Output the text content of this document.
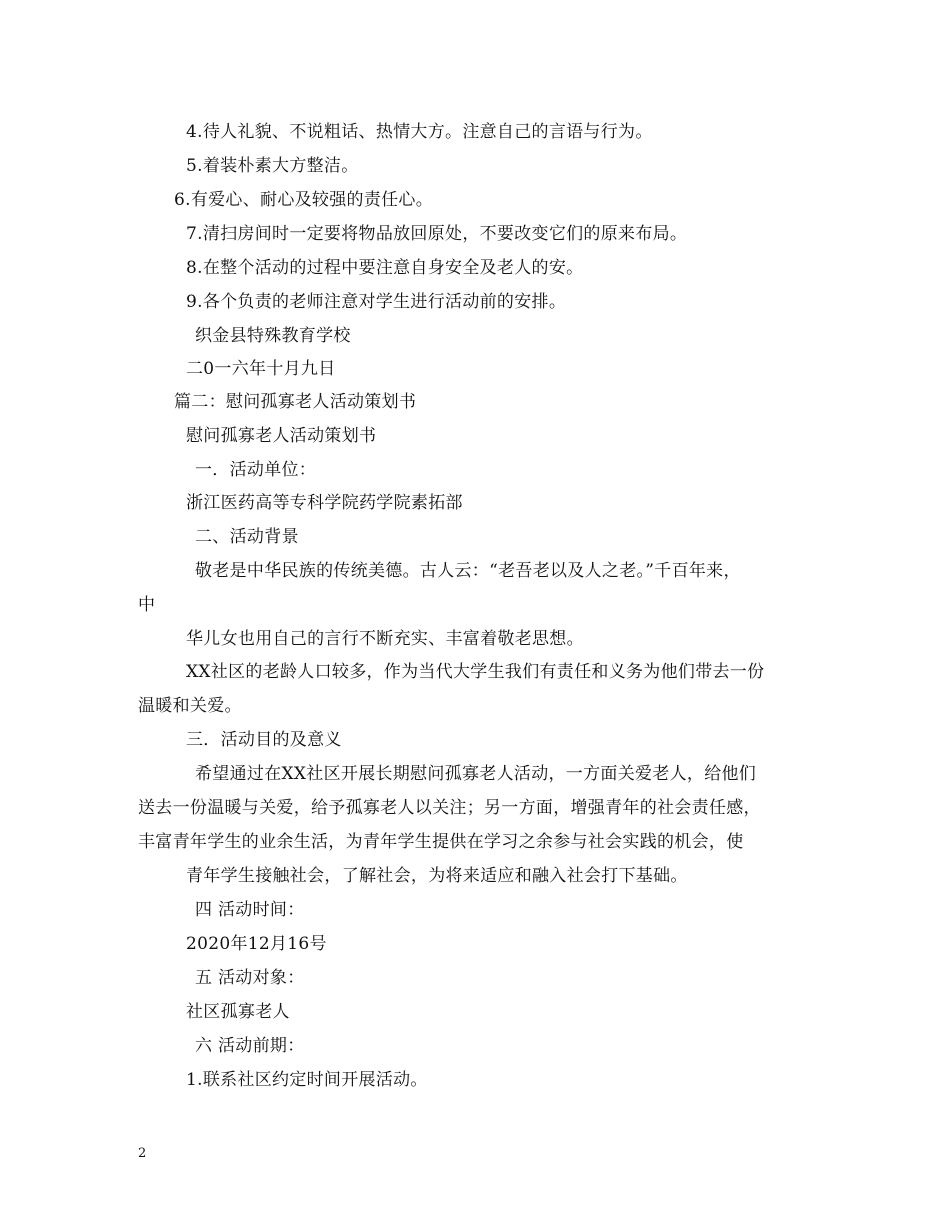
4.待人礼貌、不说粗话、热情大方。注意自己的言语与行为。
5.着装朴素大方整洁。
6.有爱心、耐心及较强的责任心。
7.清扫房间时一定要将物品放回原处，不要改变它们的原来布局。
8.在整个活动的过程中要注意自身安全及老人的安。
9.各个负责的老师注意对学生进行活动前的安排。
织金县特殊教育学校
二0一六年十月九日
篇二：慰问孤寡老人活动策划书
慰问孤寡老人活动策划书
一．活动单位：
浙江医药高等专科学院药学院素拓部
二、活动背景
敬老是中华民族的传统美德。古人云：“老吾老以及人之老。”千百年来，
中
华儿女也用自己的言行不断充实、丰富着敬老思想。
XX社区的老龄人口较多，作为当代大学生我们有责任和义务为他们带去一份
温暖和关爱。
三．活动目的及意义
希望通过在XX社区开展长期慰问孤寡老人活动，一方面关爱老人，给他们
送去一份温暖与关爱，给予孤寡老人以关注；另一方面，增强青年的社会责任感，
丰富青年学生的业余生活，为青年学生提供在学习之余参与社会实践的机会，使
青年学生接触社会，了解社会，为将来适应和融入社会打下基础。
四 活动时间：
2020年12月16号
五 活动对象：
社区孤寡老人
六 活动前期：
1.联系社区约定时间开展活动。
2
